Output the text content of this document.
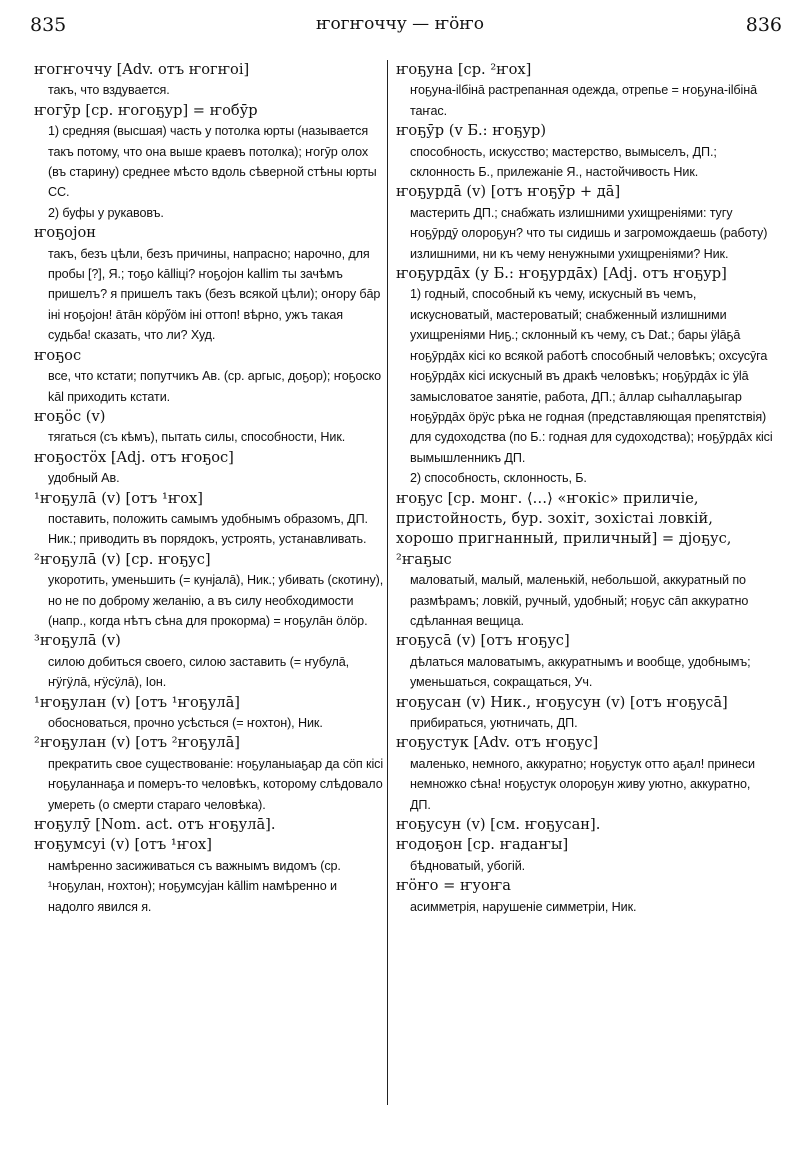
835	ҥогҥоччу — ҥӧҥо	836
ҥогҥоччу [Adv. отъ ҥогҥоі]
такъ, что вздувается.
ҥогӯр [ср. ҥогоҕур] = ҥобӯр
1) средняя (высшая) часть у потолка юрты (называется такъ потому, что она выше краевъ потолка); ҥогӯр олох (въ старину) среднее мѣсто вдоль сѣверной стѣны юрты СС.
2) буфы у рукавовъ.
ҥоҕојон
такъ, безъ цѣли, безъ причины, напрасно; нарочно, для пробы [?], Я.; тоҕо kāllіці? ҥоҕојон kаllіm ты зачѣмъ пришелъ? я пришелъ такъ (безъ всякой цѣли); оҥору бāр іні ҥоҕојон! āтāн кӧрӳӧм іні оттоп! вѣрно, ужъ такая судьба! сказать, что ли? Худ.
ҥоҕос
все, что кстати; попутчикъ Ав. (ср. аргыс, доҕор); ҥоҕоско kāl приходить кстати.
ҥоҕӧс (v)
тягаться (съ кѣмъ), пытать силы, способности, Ник.
ҥоҕостӧх [Adj. отъ ҥоҕос]
удобный Ав.
¹ҥоҕулā (v) [отъ ¹ҥох]
поставить, положить самымъ удобнымъ образомъ, ДП. Ник.; приводить въ порядокъ, устроять, устанавливать.
²ҥоҕулā (v) [ср. ҥоҕус]
укоротить, уменьшить (= кунјалā), Ник.; убивать (скотину), но не по доброму желанію, а въ силу необходимости (напр., когда нѣтъ сѣна для прокорма) = ҥоҕулāн ӧлӧр.
³ҥоҕулā (v)
силою добиться своего, силою заставить (= ҥубулā, ҥӱгӱлā, ҥӱсӱлā), Іон.
¹ҥоҕулан (v) [отъ ¹ҥоҕулā]
обосноваться, прочно усѣсться (= ҥохтон), Ник.
²ҥоҕулан (v) [отъ ²ҥоҕулā]
прекратить свое существованіе: ҥоҕуланыаҕар да сӧп кісі ҥоҕуланнаҕа и померъ-то человѣкъ, которому слѣдовало умереть (о смерти стараго человѣка).
ҥоҕулӯ [Nom. act. отъ ҥоҕулā].
ҥоҕумсуі (v) [отъ ¹ҥох]
намѣренно засиживаться съ важнымъ видомъ (ср. ¹ҥоҕулан, ҥохтон); ҥоҕумсујан kāllіm намѣренно и надолго явился я.
ҥоҕуна [ср. ²ҥох]
ҥоҕуна-іlбінā растрепанная одежда, отрепье = ҥоҕуна-іlбінā таҥас.
ҥоҕӯр (v Б.: ҥоҕур)
способность, искусство; мастерство, вымыселъ, ДП.; склонность Б., прилежаніе Я., настойчивость Ник.
ҥоҕурдā (v) [отъ ҥоҕӯр + дā]
мастерить ДП.; снабжать излишними ухищреніями: тугу ҥоҕӯрдӯ олороҕун? что ты сидишь и загромождаешь (работу) излишними, ни къ чему ненужными ухищреніями? Ник.
ҥоҕурдāх (у Б.: ҥоҕурдāх) [Adj. отъ ҥоҕур]
1) годный, способный къ чему, искусный въ чемъ, искусноватый, мастероватый; снабженный излишними ухищреніями Ниҕ.; склонный къ чему, съ Dat.; бары ӱlāҕā ҥоҕӯрдāх кісі ко всякой работѣ способный человѣкъ; охсусӯга ҥоҕӯрдāх кісі искусный въ дракѣ человѣкъ; ҥоҕӯрдāх іс ӱlā замысловатое занятіе, работа, ДП.; āллар сыһаллаҕыгар ҥоҕӯрдāх ӧрӱс рѣка не годная (представляющая препятствія) для судоходства (по Б.: годная для судоходства); ҥоҕӯрдāх кісі вымышленникъ ДП.
2) способность, склонность, Б.
ҥоҕус [ср. монг. ⟨…⟩ «ҥокіс» приличіе, пристойность, бур. зохіт, зохістаі ловкій, хорошо пригнанный, приличный] = дјоҕус, ²ҥаҕыс
маловатый, малый, маленькій, небольшой, аккуратный по размѣрамъ; ловкій, ручный, удобный; ҥоҕус сāп аккуратно сдѣланная вещица.
ҥоҕусā (v) [отъ ҥоҕус]
дѣлаться маловатымъ, аккуратнымъ и вообще, удобнымъ; уменьшаться, сокращаться, Уч.
ҥоҕусан (v) Ник., ҥоҕусун (v) [отъ ҥоҕусā]
прибираться, уютничать, ДП.
ҥоҕустук [Adv. отъ ҥоҕус]
маленько, немного, аккуратно; ҥоҕустук отто аҕал! принеси немножко сѣна! ҥоҕустук олороҕун живу уютно, аккуратно, ДП.
ҥоҕусун (v) [см. ҥоҕусан].
ҥодоҕон [ср. ҥадаҥы]
бѣдноватый, убогій.
ҥӧҥо = ҥуоҥа
асимметрія, нарушеніе симметріи, Ник.
